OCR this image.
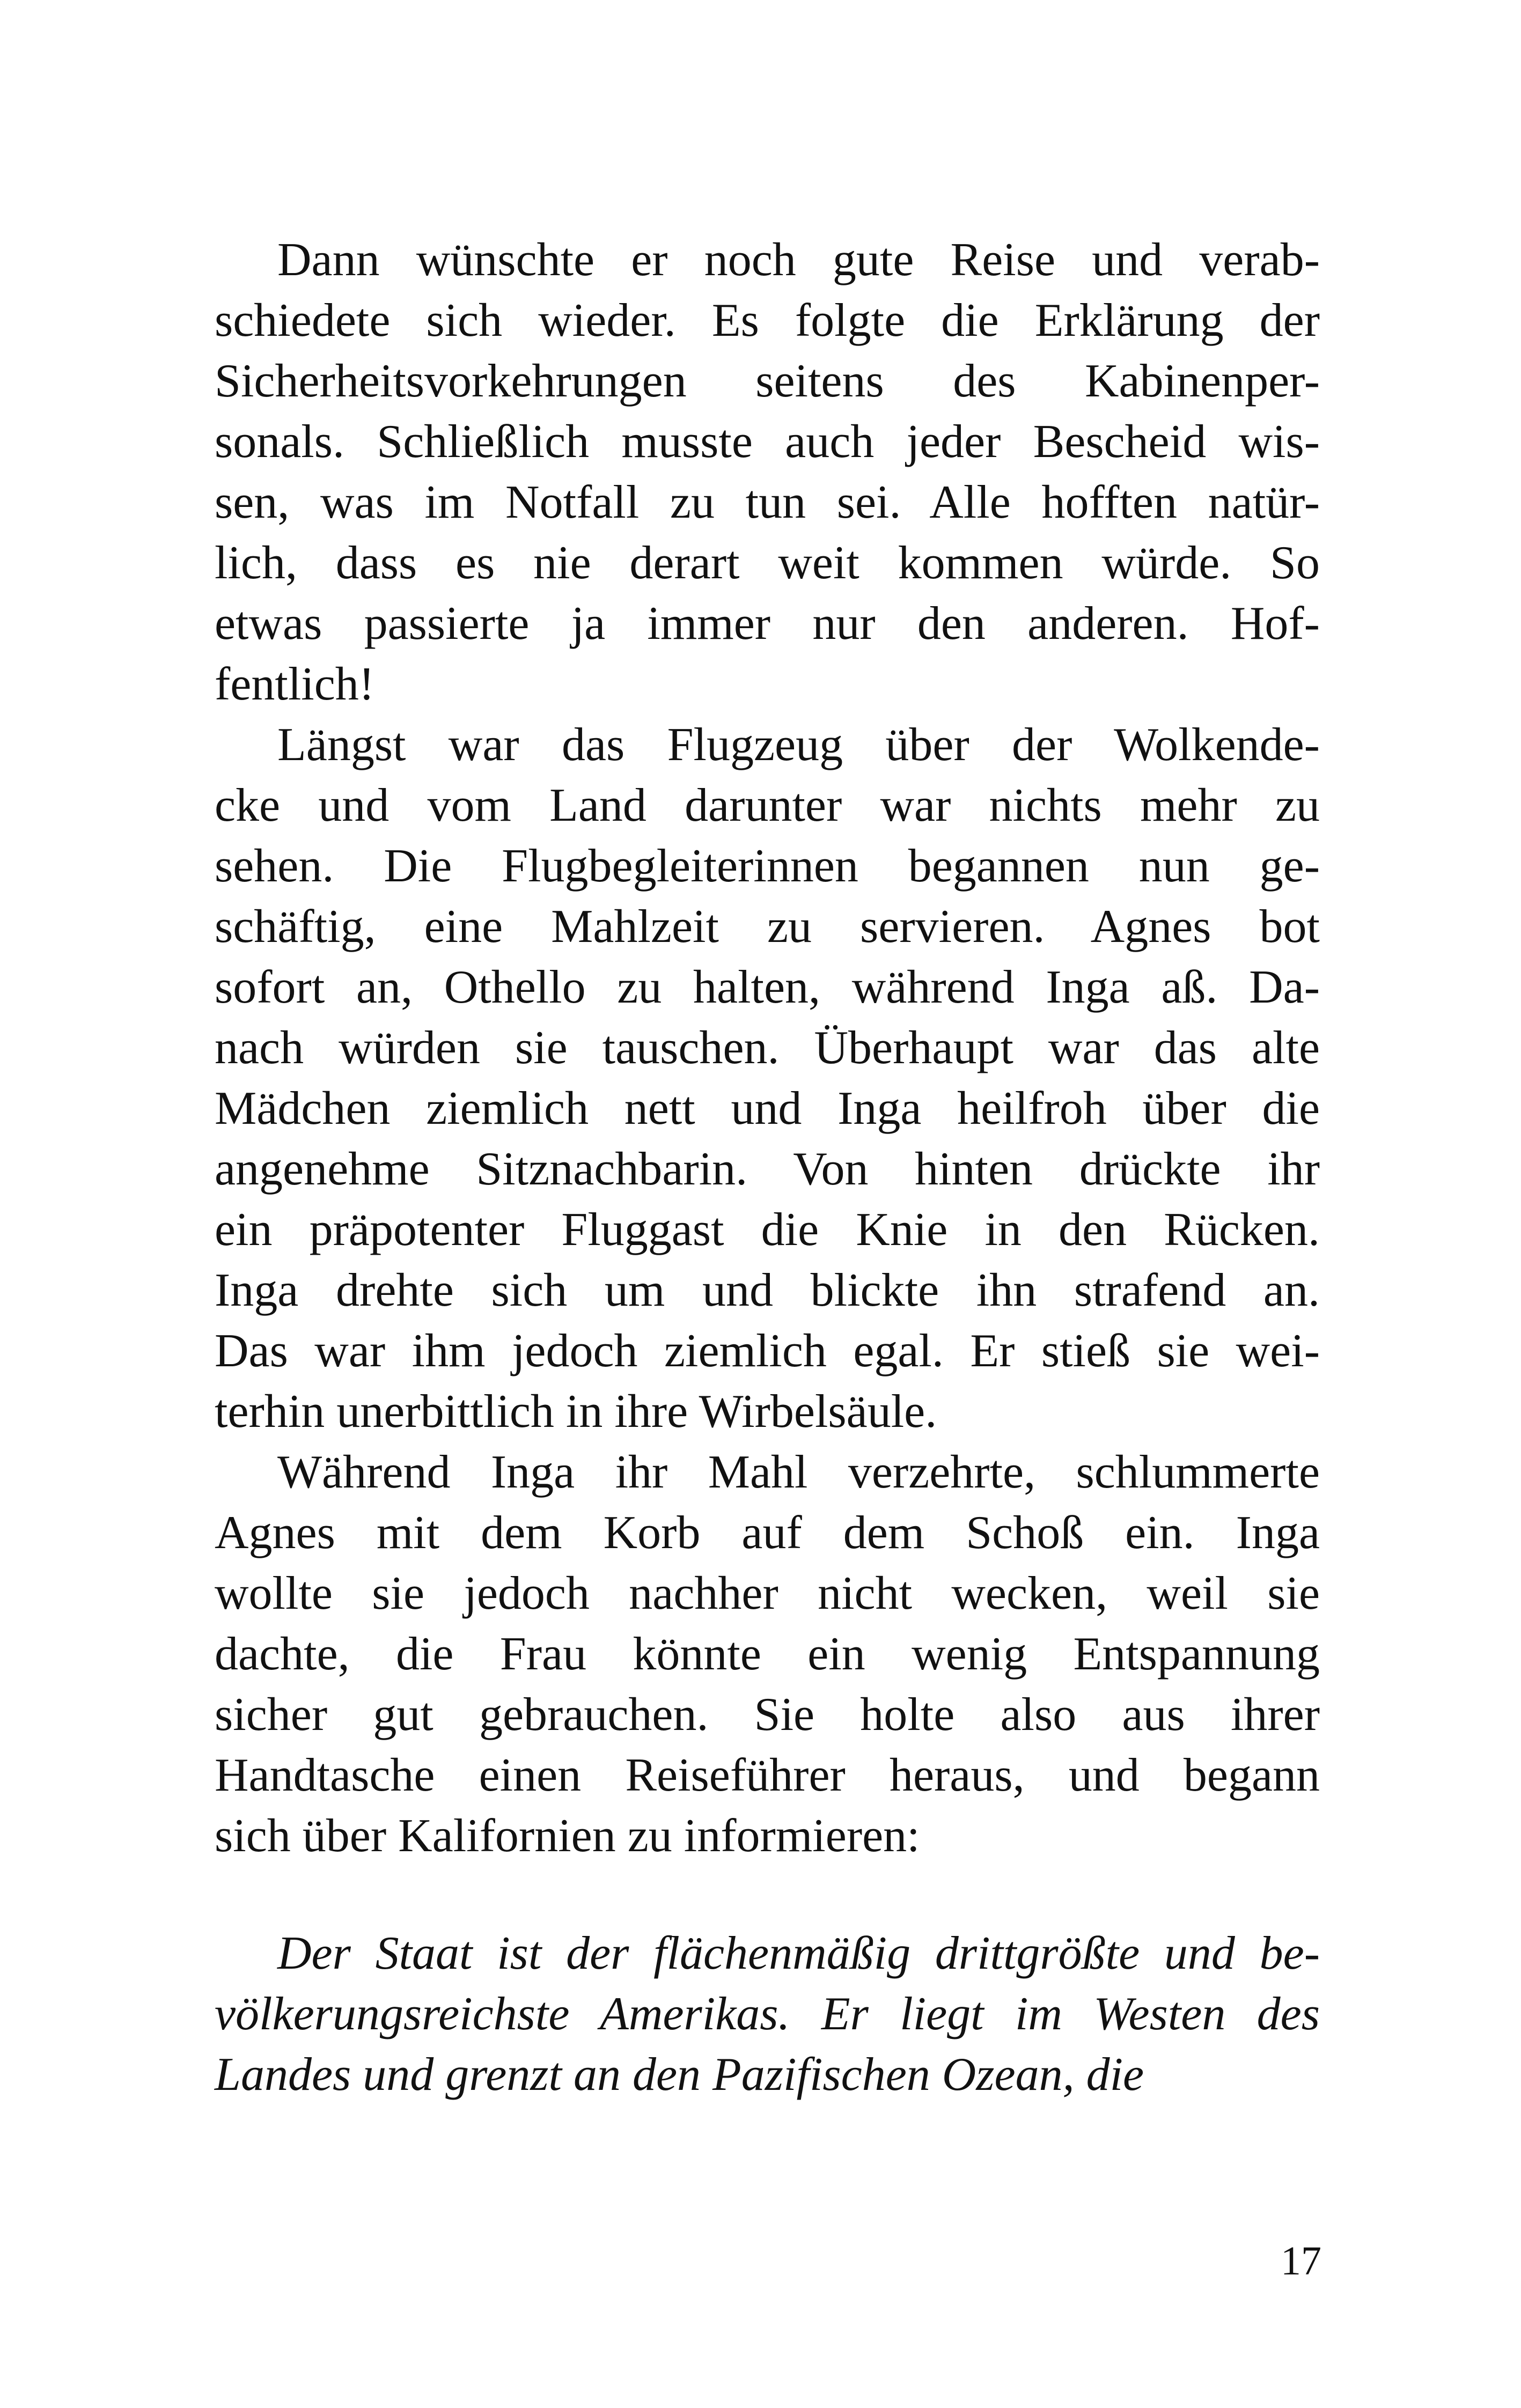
Dann wünschte er noch gute Reise und verab-
schiedete sich wieder. Es folgte die Erklärung der
Sicherheitsvorkehrungen seitens des Kabinenper-
sonals. Schließlich musste auch jeder Bescheid wis-
sen, was im Notfall zu tun sei. Alle hofften natür-
lich, dass es nie derart weit kommen würde. So
etwas passierte ja immer nur den anderen. Hof-
fentlich!
Längst war das Flugzeug über der Wolkende-
cke und vom Land darunter war nichts mehr zu
sehen. Die Flugbegleiterinnen begannen nun ge-
schäftig, eine Mahlzeit zu servieren. Agnes bot
sofort an, Othello zu halten, während Inga aß. Da-
nach würden sie tauschen. Überhaupt war das alte
Mädchen ziemlich nett und Inga heilfroh über die
angenehme Sitznachbarin. Von hinten drückte ihr
ein präpotenter Fluggast die Knie in den Rücken.
Inga drehte sich um und blickte ihn strafend an.
Das war ihm jedoch ziemlich egal. Er stieß sie wei-
terhin unerbittlich in ihre Wirbelsäule.
Während Inga ihr Mahl verzehrte, schlummerte
Agnes mit dem Korb auf dem Schoß ein. Inga
wollte sie jedoch nachher nicht wecken, weil sie
dachte, die Frau könnte ein wenig Entspannung
sicher gut gebrauchen. Sie holte also aus ihrer
Handtasche einen Reiseführer heraus, und begann
sich über Kalifornien zu informieren:
Der Staat ist der flächenmäßig drittgrößte und be-
völkerungsreichste Amerikas. Er liegt im Westen des
Landes und grenzt an den Pazifischen Ozean, die
17
